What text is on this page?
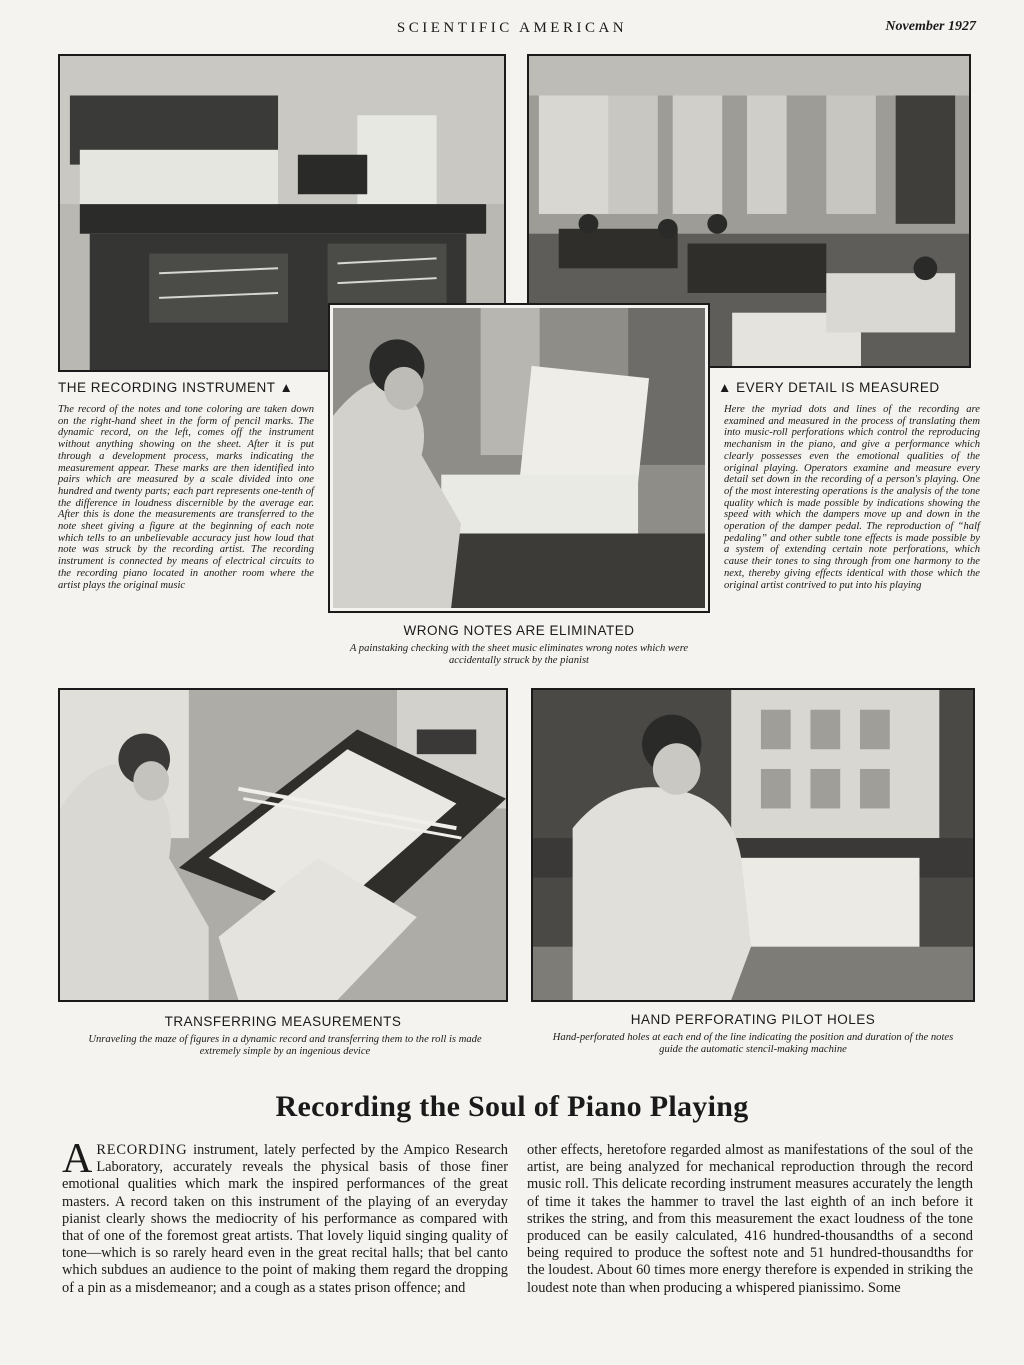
SCIENTIFIC AMERICAN	November 1927
THE RECORDING INSTRUMENT ▲
The record of the notes and tone coloring are taken down on the right-hand sheet in the form of pencil marks. The dynamic record, on the left, comes off the instrument without anything showing on the sheet. After it is put through a development process, marks indicating the measurement appear. These marks are then identified into pairs which are measured by a scale divided into one hundred and twenty parts; each part represents one-tenth of the difference in loudness discernible by the average ear. After this is done the measurements are transferred to the note sheet giving a figure at the beginning of each note which tells to an unbelievable accuracy just how loud that note was struck by the recording artist. The recording instrument is connected by means of electrical circuits to the recording piano located in another room where the artist plays the original music
▲ EVERY DETAIL IS MEASURED
Here the myriad dots and lines of the recording are examined and measured in the process of translating them into music-roll perforations which control the reproducing mechanism in the piano, and give a performance which clearly possesses even the emotional qualities of the original playing. Operators examine and measure every detail set down in the recording of a person's playing. One of the most interesting operations is the analysis of the tone quality which is made possible by indications showing the speed with which the dampers move up and down in the operation of the damper pedal. The reproduction of “half pedaling” and other subtle tone effects is made possible by a system of extending certain note perforations, which cause their tones to sing through from one harmony to the next, thereby giving effects identical with those which the original artist contrived to put into his playing
WRONG NOTES ARE ELIMINATED
A painstaking checking with the sheet music eliminates wrong notes which were accidentally struck by the pianist
TRANSFERRING MEASUREMENTS
Unraveling the maze of figures in a dynamic record and transferring them to the roll is made extremely simple by an ingenious device
HAND PERFORATING PILOT HOLES
Hand-perforated holes at each end of the line indicating the position and duration of the notes guide the automatic stencil-making machine
Recording the Soul of Piano Playing
ARECORDING instrument, lately perfected by the Ampico Research Laboratory, accurately reveals the physical basis of those finer emotional qualities which mark the inspired performances of the great masters. A record taken on this instrument of the playing of an everyday pianist clearly shows the mediocrity of his performance as compared with that of one of the foremost great artists. That lovely liquid singing quality of tone—which is so rarely heard even in the great recital halls; that bel canto which subdues an audience to the point of making them regard the dropping of a pin as a misdemeanor; and a cough as a states prison offence; and
other effects, heretofore regarded almost as manifestations of the soul of the artist, are being analyzed for mechanical reproduction through the record music roll. This delicate recording instrument measures accurately the length of time it takes the hammer to travel the last eighth of an inch before it strikes the string, and from this measurement the exact loudness of the tone produced can be easily calculated, 416 hundred-thousandths of a second being required to produce the softest note and 51 hundred-thousandths for the loudest. About 60 times more energy therefore is expended in striking the loudest note than when producing a whispered pianissimo. Some
